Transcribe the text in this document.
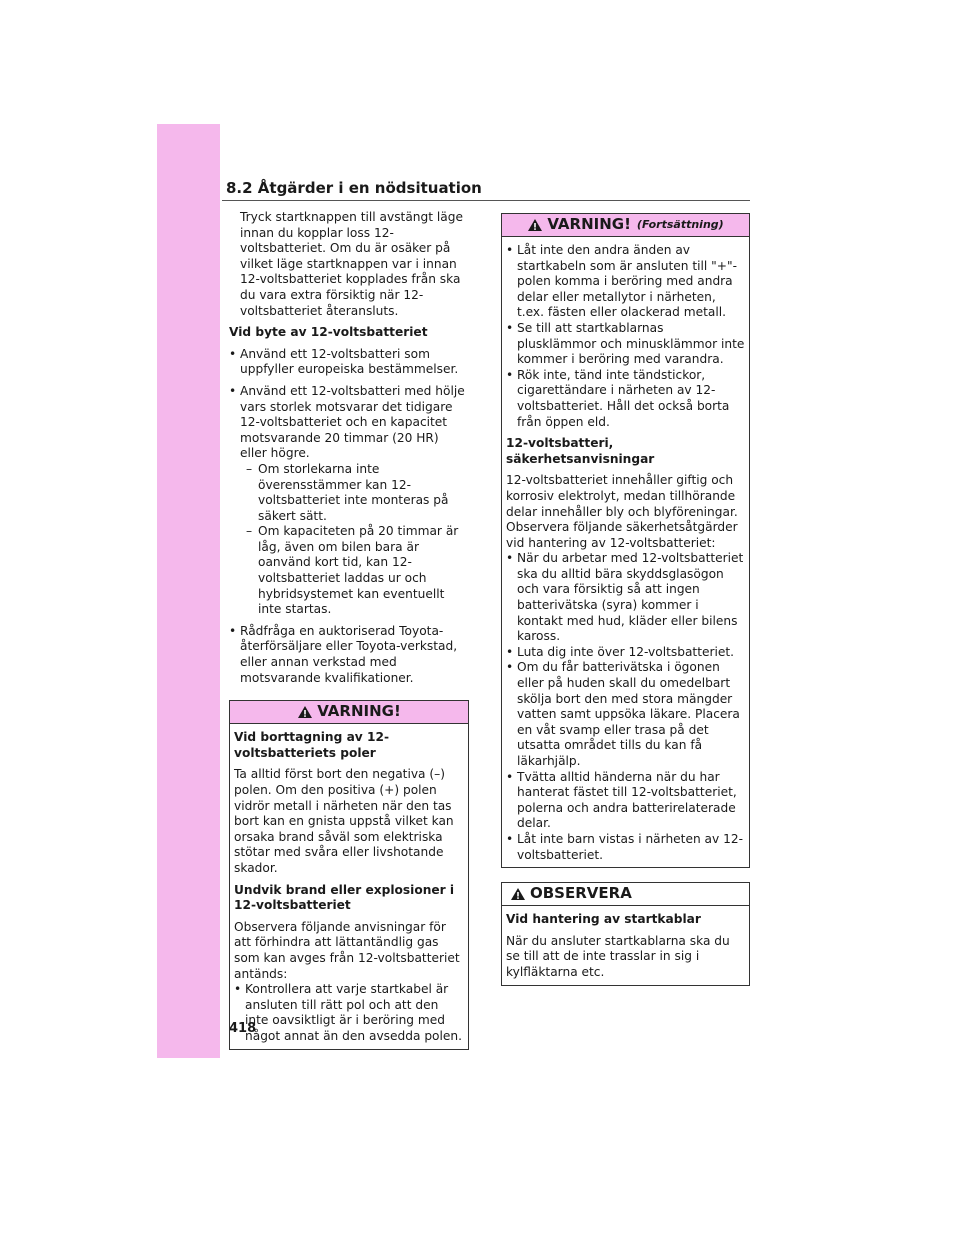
418
8.2 Åtgärder i en nödsituation

Tryck startknappen till avstängt läge innan du kopplar loss 12-voltsbatteriet. Om du är osäker på vilket läge startknappen var i innan 12-voltsbatteriet kopplades från ska du vara extra försiktig när 12-voltsbatteriet återansluts.

Vid byte av 12-voltsbatteriet

• Använd ett 12-voltsbatteri som uppfyller europeiska bestämmelser.
• Använd ett 12-voltsbatteri med hölje vars storlek motsvarar det tidigare 12-voltsbatteriet och en kapacitet motsvarande 20 timmar (20 HR) eller högre.
– Om storlekarna inte överensstämmer kan 12-voltsbatteriet inte monteras på säkert sätt.
– Om kapaciteten på 20 timmar är låg, även om bilen bara är oanvänd kort tid, kan 12-voltsbatteriet laddas ur och hybridsystemet kan eventuellt inte startas.
• Rådfråga en auktoriserad Toyota-återförsäljare eller Toyota-verkstad, eller annan verkstad med motsvarande kvalifikationer.
VARNING!

Vid borttagning av 12-voltsbatteriets poler

Ta alltid först bort den negativa (–) polen. Om den positiva (+) polen vidrör metall i närheten när den tas bort kan en gnista uppstå vilket kan orsaka brand såväl som elektriska stötar med svåra eller livshotande skador.

Undvik brand eller explosioner i 12-voltsbatteriet

Observera följande anvisningar för att förhindra att lättantändlig gas som kan avges från 12-voltsbatteriet antänds:

• Kontrollera att varje startkabel är ansluten till rätt pol och att den inte oavsiktligt är i beröring med något annat än den avsedda polen.
VARNING! (Fortsättning)
• Låt inte den andra änden av startkabeln som är ansluten till "+"-polen komma i beröring med andra delar eller metallytor i närheten, t.ex. fästen eller olackerad metall.
• Se till att startkablarnas plusklämmor och minusklämmor inte kommer i beröring med varandra.
• Rök inte, tänd inte tändstickor, cigarettändare i närheten av 12-voltsbatteriet. Håll det också borta från öppen eld.

12-voltsbatteri, säkerhetsanvisningar

12-voltsbatteriet innehåller giftig och korrosiv elektrolyt, medan tillhörande delar innehåller bly och blyföreningar. Observera följande säkerhetsåtgärder vid hantering av 12-voltsbatteriet:

• När du arbetar med 12-voltsbatteriet ska du alltid bära skyddsglasögon och vara försiktig så att ingen batterivätska (syra) kommer i kontakt med hud, kläder eller bilens kaross.
• Luta dig inte över 12-voltsbatteriet.
• Om du får batterivätska i ögonen eller på huden skall du omedelbart skölja bort den med stora mängder vatten samt uppsöka läkare. Placera en våt svamp eller trasa på det utsatta området tills du kan få läkarhjälp.
• Tvätta alltid händerna när du har hanterat fästet till 12-voltsbatteriet, polerna och andra batterirelaterade delar.
• Låt inte barn vistas i närheten av 12-voltsbatteriet.
OBSERVERA

Vid hantering av startkablar

När du ansluter startkablarna ska du se till att de inte trasslar in sig i kylfläktarna etc.
